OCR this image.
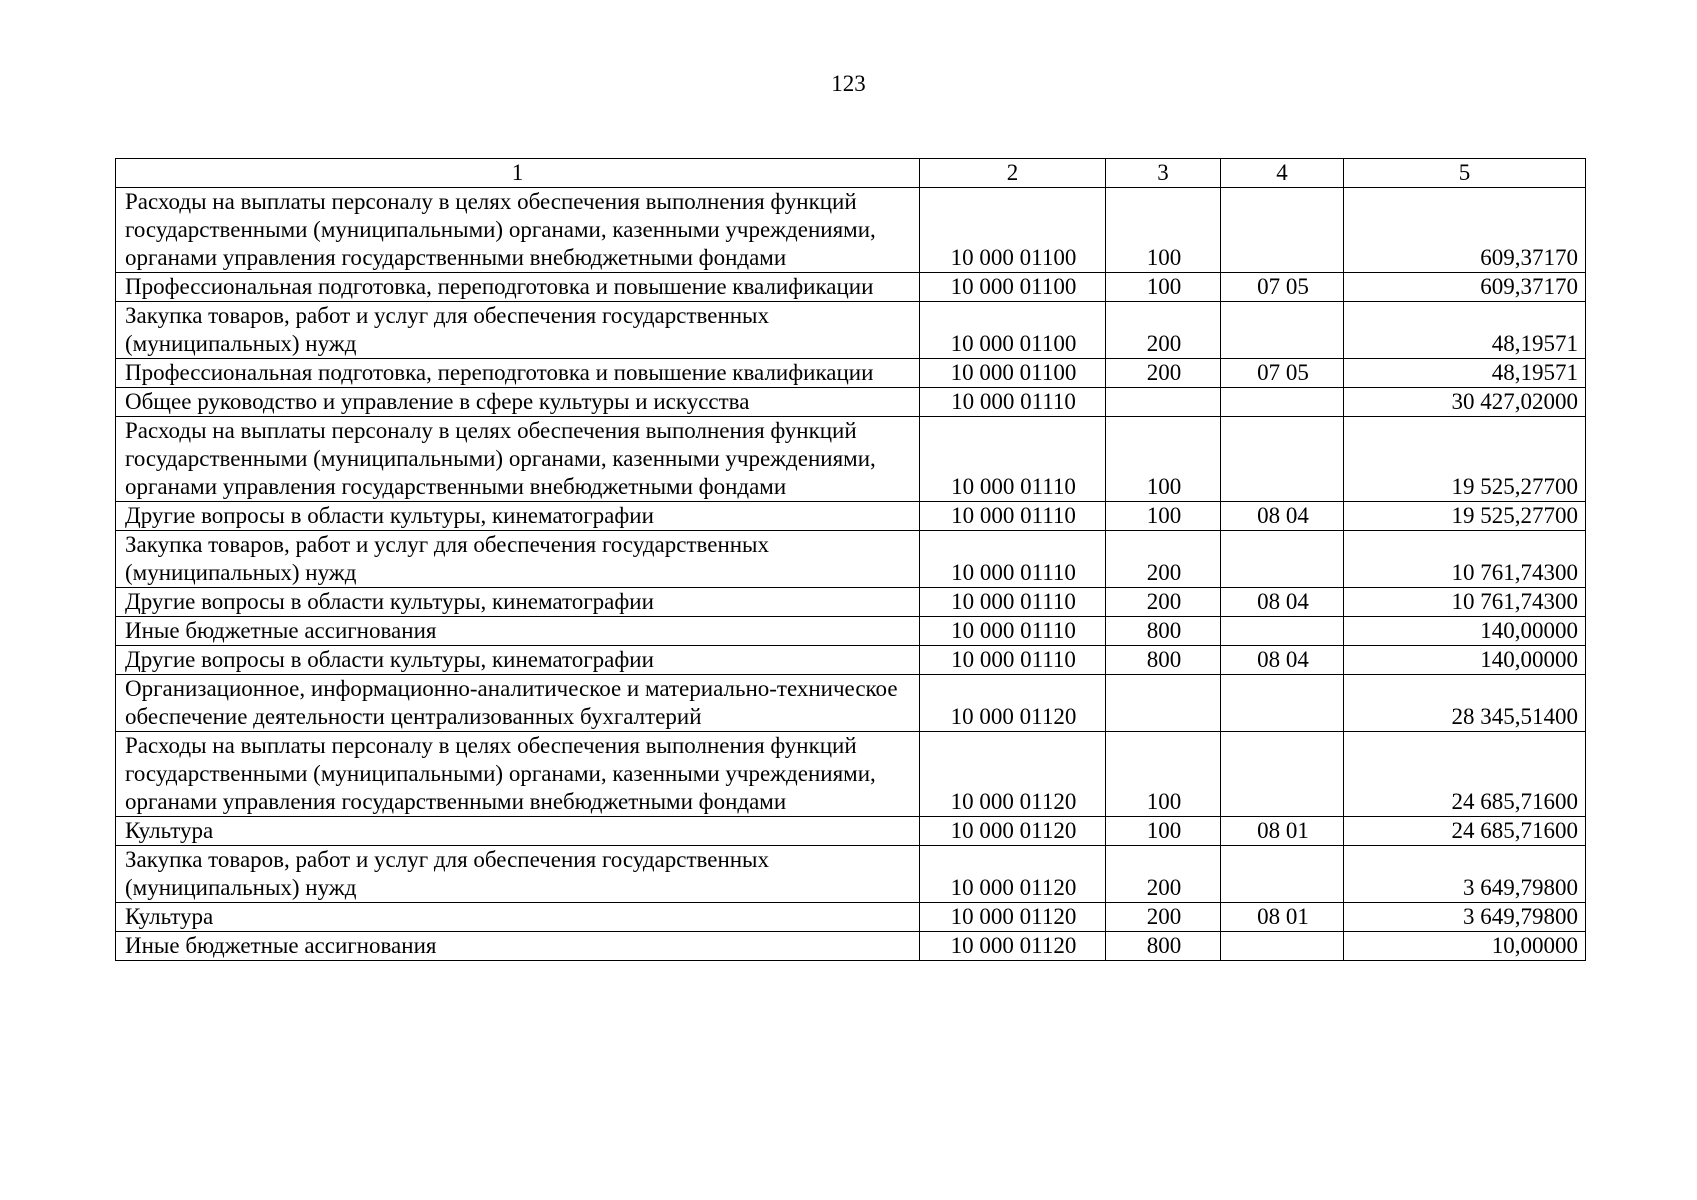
123
1	2	3	4	5
Расходы на выплаты персоналу в целях обеспечения выполнения функций государственными (муниципальными) органами, казенными учреждениями, органами управления государственными внебюджетными фондами	10 000 01100	100		609,37170
Профессиональная подготовка, переподготовка и повышение квалификации	10 000 01100	100	07 05	609,37170
Закупка товаров, работ и услуг для обеспечения государственных (муниципальных) нужд	10 000 01100	200		48,19571
Профессиональная подготовка, переподготовка и повышение квалификации	10 000 01100	200	07 05	48,19571
Общее руководство и управление в сфере культуры и искусства	10 000 01110			30 427,02000
Расходы на выплаты персоналу в целях обеспечения выполнения функций государственными (муниципальными) органами, казенными учреждениями, органами управления государственными внебюджетными фондами	10 000 01110	100		19 525,27700
Другие вопросы в области культуры, кинематографии	10 000 01110	100	08 04	19 525,27700
Закупка товаров, работ и услуг для обеспечения государственных (муниципальных) нужд	10 000 01110	200		10 761,74300
Другие вопросы в области культуры, кинематографии	10 000 01110	200	08 04	10 761,74300
Иные бюджетные ассигнования	10 000 01110	800		140,00000
Другие вопросы в области культуры, кинематографии	10 000 01110	800	08 04	140,00000
Организационное, информационно-аналитическое и материально-техническое обеспечение деятельности централизованных бухгалтерий	10 000 01120			28 345,51400
Расходы на выплаты персоналу в целях обеспечения выполнения функций государственными (муниципальными) органами, казенными учреждениями, органами управления государственными внебюджетными фондами	10 000 01120	100		24 685,71600
Культура	10 000 01120	100	08 01	24 685,71600
Закупка товаров, работ и услуг для обеспечения государственных (муниципальных) нужд	10 000 01120	200		3 649,79800
Культура	10 000 01120	200	08 01	3 649,79800
Иные бюджетные ассигнования	10 000 01120	800		10,00000
